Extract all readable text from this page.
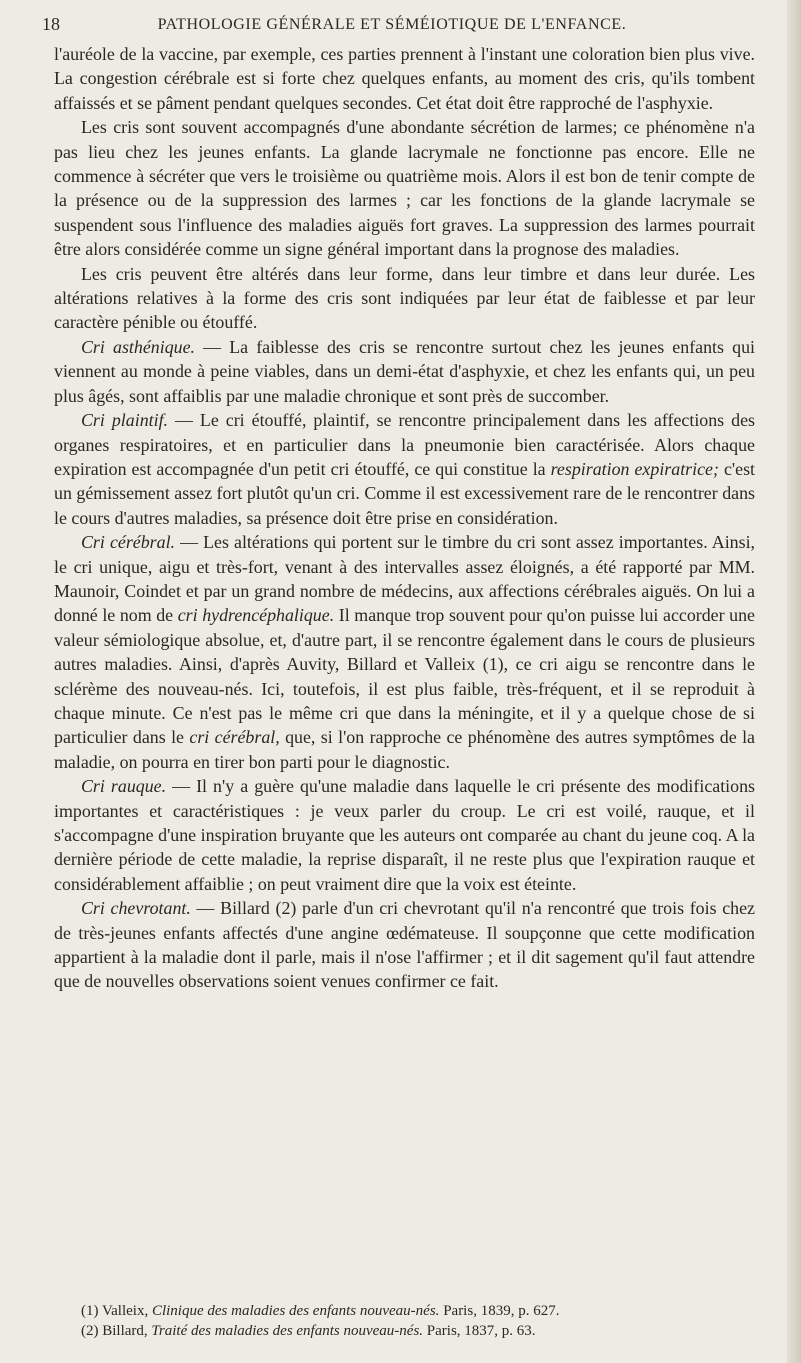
18	PATHOLOGIE GÉNÉRALE ET SÉMÉIOTIQUE DE L'ENFANCE.

l'auréole de la vaccine, par exemple, ces parties prennent à l'instant une coloration bien plus vive. La congestion cérébrale est si forte chez quelques enfants, au moment des cris, qu'ils tombent affaissés et se pâment pendant quelques secondes. Cet état doit être rapproché de l'asphyxie.

Les cris sont souvent accompagnés d'une abondante sécrétion de larmes; ce phénomène n'a pas lieu chez les jeunes enfants. La glande lacrymale ne fonctionne pas encore. Elle ne commence à sécréter que vers le troisième ou quatrième mois. Alors il est bon de tenir compte de la présence ou de la suppression des larmes ; car les fonctions de la glande lacrymale se suspendent sous l'influence des maladies aiguës fort graves. La suppression des larmes pourrait être alors considérée comme un signe général important dans la prognose des maladies.

Les cris peuvent être altérés dans leur forme, dans leur timbre et dans leur durée. Les altérations relatives à la forme des cris sont indiquées par leur état de faiblesse et par leur caractère pénible ou étouffé.

Cri asthénique. — La faiblesse des cris se rencontre surtout chez les jeunes enfants qui viennent au monde à peine viables, dans un demi-état d'asphyxie, et chez les enfants qui, un peu plus âgés, sont affaiblis par une maladie chronique et sont près de succomber.

Cri plaintif. — Le cri étouffé, plaintif, se rencontre principalement dans les affections des organes respiratoires, et en particulier dans la pneumonie bien caractérisée. Alors chaque expiration est accompagnée d'un petit cri étouffé, ce qui constitue la respiration expiratrice; c'est un gémissement assez fort plutôt qu'un cri. Comme il est excessivement rare de le rencontrer dans le cours d'autres maladies, sa présence doit être prise en considération.

Cri cérébral. — Les altérations qui portent sur le timbre du cri sont assez importantes. Ainsi, le cri unique, aigu et très-fort, venant à des intervalles assez éloignés, a été rapporté par MM. Maunoir, Coindet et par un grand nombre de médecins, aux affections cérébrales aiguës. On lui a donné le nom de cri hydrencéphalique. Il manque trop souvent pour qu'on puisse lui accorder une valeur sémiologique absolue, et, d'autre part, il se rencontre également dans le cours de plusieurs autres maladies. Ainsi, d'après Auvity, Billard et Valleix (1), ce cri aigu se rencontre dans le sclérème des nouveau-nés. Ici, toutefois, il est plus faible, très-fréquent, et il se reproduit à chaque minute. Ce n'est pas le même cri que dans la méningite, et il y a quelque chose de si particulier dans le cri cérébral, que, si l'on rapproche ce phénomène des autres symptômes de la maladie, on pourra en tirer bon parti pour le diagnostic.

Cri rauque. — Il n'y a guère qu'une maladie dans laquelle le cri présente des modifications importantes et caractéristiques : je veux parler du croup. Le cri est voilé, rauque, et il s'accompagne d'une inspiration bruyante que les auteurs ont comparée au chant du jeune coq. A la dernière période de cette maladie, la reprise disparaît, il ne reste plus que l'expiration rauque et considérablement affaiblie ; on peut vraiment dire que la voix est éteinte.

Cri chevrotant. — Billard (2) parle d'un cri chevrotant qu'il n'a rencontré que trois fois chez de très-jeunes enfants affectés d'une angine œdémateuse. Il soupçonne que cette modification appartient à la maladie dont il parle, mais il n'ose l'affirmer ; et il dit sagement qu'il faut attendre que de nouvelles observations soient venues confirmer ce fait.

(1) Valleix, Clinique des maladies des enfants nouveau-nés. Paris, 1839, p. 627.

(2) Billard, Traité des maladies des enfants nouveau-nés. Paris, 1837, p. 63.
